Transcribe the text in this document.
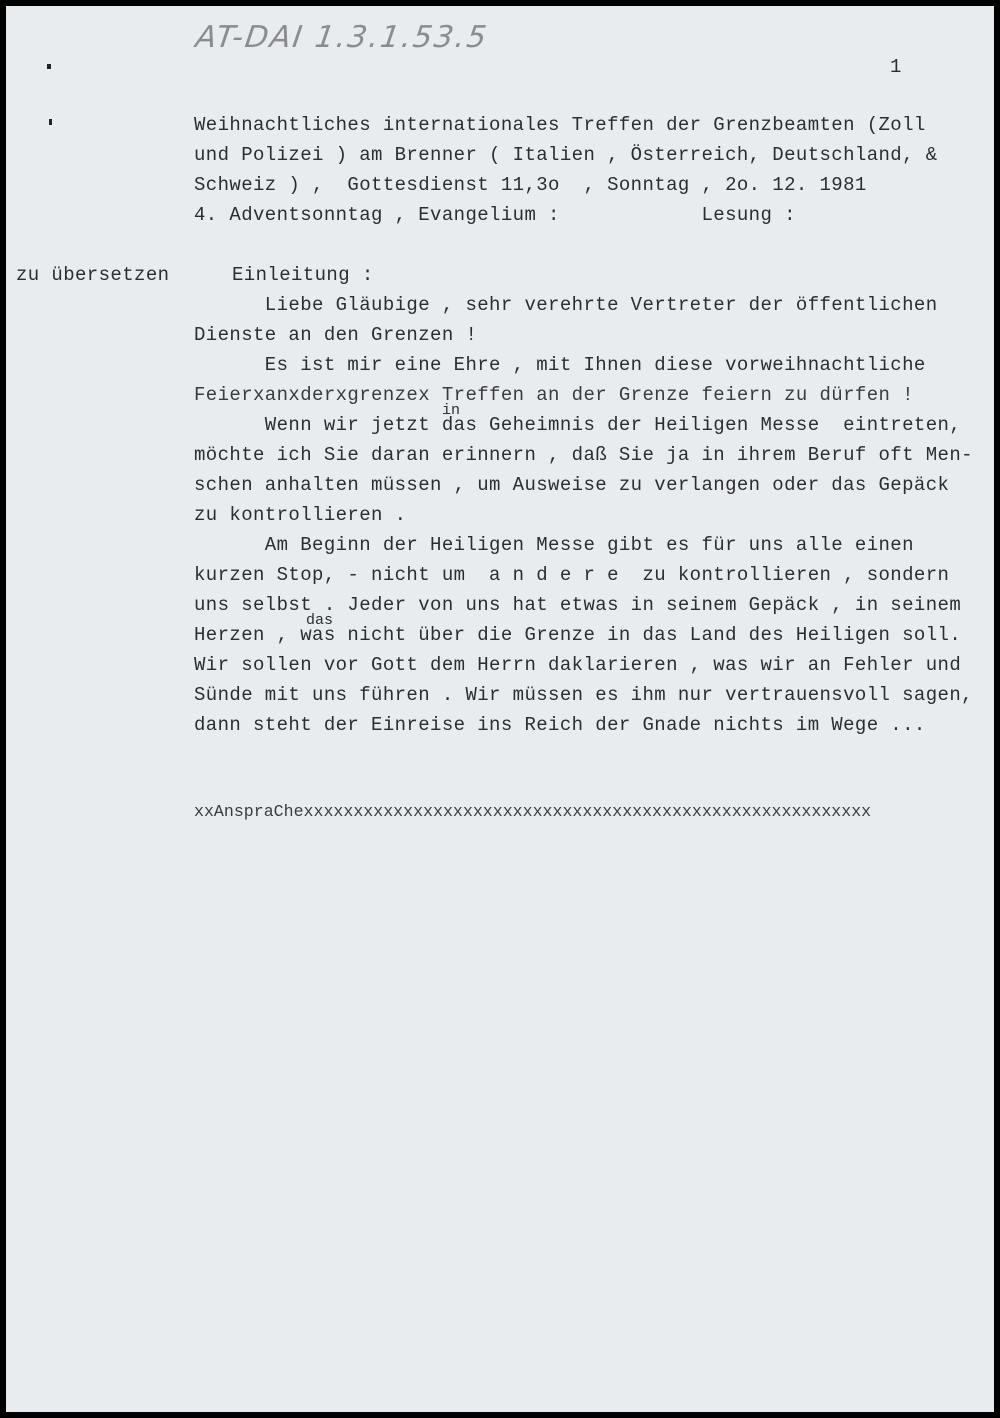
AT-DAI 1.3.1.53.5
1
Weihnachtliches internationales Treffen der Grenzbeamten (Zoll
und Polizei ) am Brenner ( Italien , Österreich, Deutschland, &
Schweiz ) ,  Gottesdienst 11,3o  , Sonntag , 2o. 12. 1981
4. Adventsonntag , Evangelium :            Lesung :
zu übersetzen	Einleitung :
Liebe Gläubige , sehr verehrte Vertreter der öffentlichen
Dienste an den Grenzen !
Es ist mir eine Ehre , mit Ihnen diese vorweihnachtliche
Feierxanxderxgrenzex Treffen an der Grenze feiern zu dürfen !
Wenn wir jetzt das Geheimnis der Heiligen Messe  eintreten,
möchte ich Sie daran erinnern , daß Sie ja in ihrem Beruf oft Men-
schen anhalten müssen , um Ausweise zu verlangen oder das Gepäck
zu kontrollieren .
Am Beginn der Heiligen Messe gibt es für uns alle einen
kurzen Stop, - nicht um  a n d e r e  zu kontrollieren , sondern
uns selbst . Jeder von uns hat etwas in seinem Gepäck , in seinem
Herzen , was nicht über die Grenze in das Land des Heiligen soll.
Wir sollen vor Gott dem Herrn daklarieren , was wir an Fehler und
Sünde mit uns führen . Wir müssen es ihm nur vertrauensvoll sagen,
dann steht der Einreise ins Reich der Gnade nichts im Wege ...
in
das
xxAnspraChexxxxxxxxxxxxxxxxxxxxxxxxxxxxxxxxxxxxxxxxxxxxxxxxxxxxxxxxx
